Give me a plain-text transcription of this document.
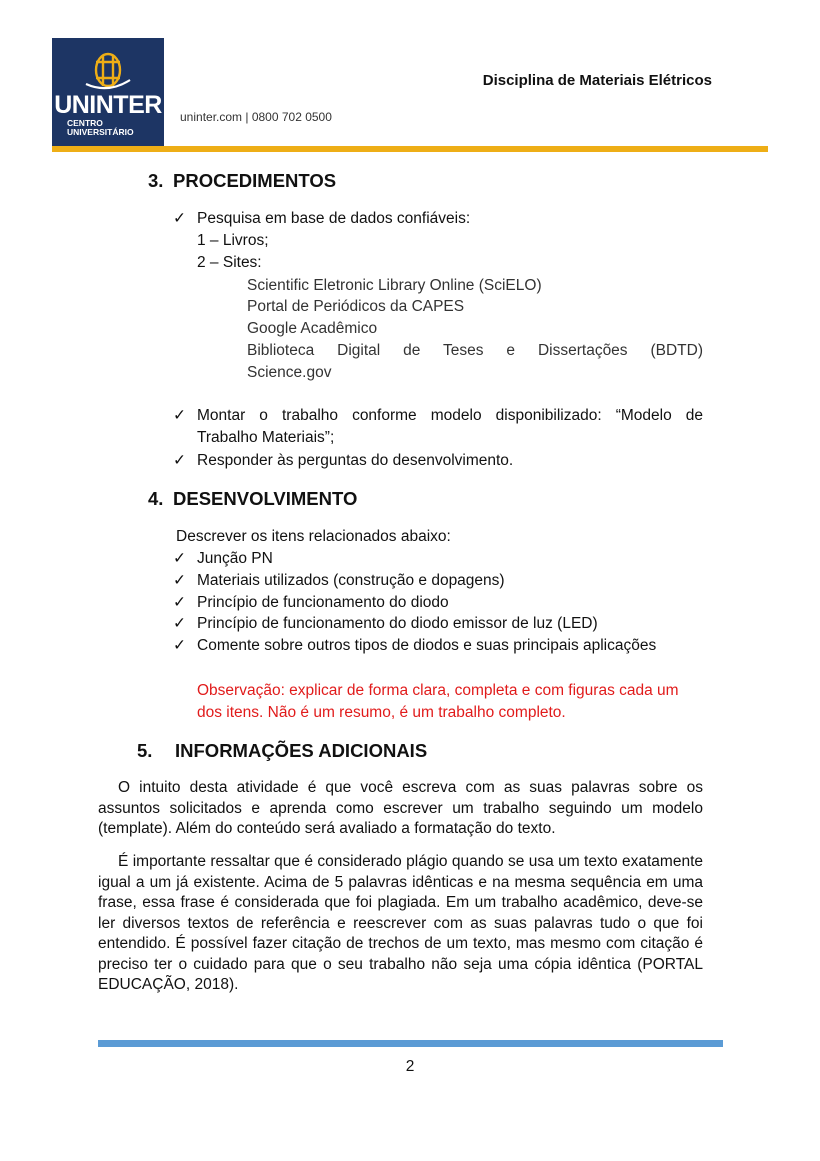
UNINTER
CENTRO
UNIVERSITÁRIO
uninter.com | 0800 702 0500
Disciplina de Materiais Elétricos
3. PROCEDIMENTOS
✓ Pesquisa em base de dados confiáveis:
1 – Livros;
2 – Sites:
Scientific Eletronic Library Online (SciELO)
Portal de Periódicos da CAPES
Google Acadêmico
Biblioteca Digital de Teses e Dissertações (BDTD)
Science.gov
✓ Montar o trabalho conforme modelo disponibilizado: “Modelo de
Trabalho Materiais”;
✓ Responder às perguntas do desenvolvimento.
4. DESENVOLVIMENTO
Descrever os itens relacionados abaixo:
✓ Junção PN
✓ Materiais utilizados (construção e dopagens)
✓ Princípio de funcionamento do diodo
✓ Princípio de funcionamento do diodo emissor de luz (LED)
✓ Comente sobre outros tipos de diodos e suas principais aplicações
Observação: explicar de forma clara, completa e com figuras cada um
dos itens. Não é um resumo, é um trabalho completo.
5. INFORMAÇÕES ADICIONAIS

O intuito desta atividade é que você escreva com as suas palavras sobre os assuntos solicitados e aprenda como escrever um trabalho seguindo um modelo (template). Além do conteúdo será avaliado a formatação do texto.

É importante ressaltar que é considerado plágio quando se usa um texto exatamente igual a um já existente. Acima de 5 palavras idênticas e na mesma sequência em uma frase, essa frase é considerada que foi plagiada. Em um trabalho acadêmico, deve-se ler diversos textos de referência e reescrever com as suas palavras tudo o que foi entendido. É possível fazer citação de trechos de um texto, mas mesmo com citação é preciso ter o cuidado para que o seu trabalho não seja uma cópia idêntica (PORTAL EDUCAÇÃO, 2018).

2
